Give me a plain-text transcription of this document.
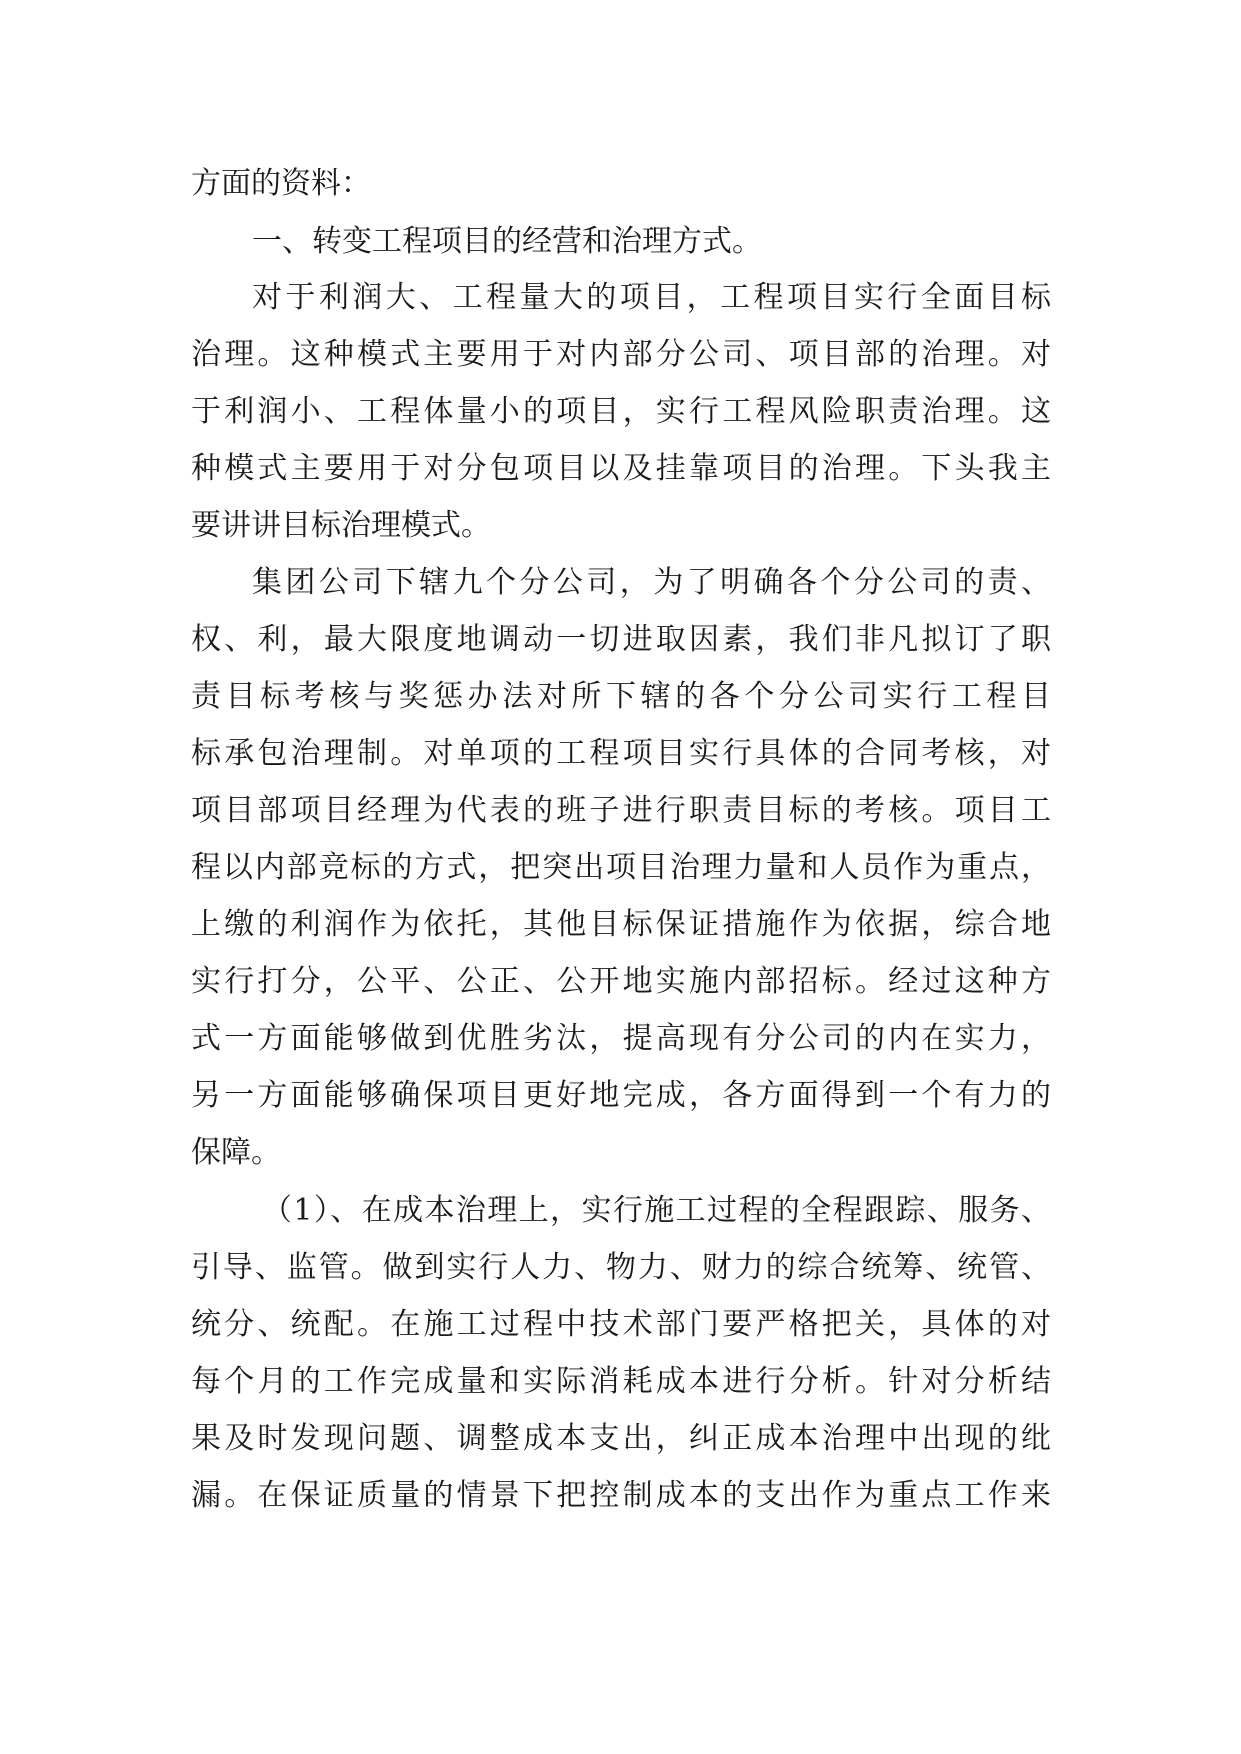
方面的资料：
一、转变工程项目的经营和治理方式。
对于利润大、工程量大的项目，工程项目实行全面目标
治理。这种模式主要用于对内部分公司、项目部的治理。对
于利润小、工程体量小的项目，实行工程风险职责治理。这
种模式主要用于对分包项目以及挂靠项目的治理。下头我主
要讲讲目标治理模式。
集团公司下辖九个分公司，为了明确各个分公司的责、
权、利，最大限度地调动一切进取因素，我们非凡拟订了职
责目标考核与奖惩办法对所下辖的各个分公司实行工程目
标承包治理制。对单项的工程项目实行具体的合同考核，对
项目部项目经理为代表的班子进行职责目标的考核。项目工
程以内部竞标的方式，把突出项目治理力量和人员作为重点，
上缴的利润作为依托，其他目标保证措施作为依据，综合地
实行打分，公平、公正、公开地实施内部招标。经过这种方
式一方面能够做到优胜劣汰，提高现有分公司的内在实力，
另一方面能够确保项目更好地完成，各方面得到一个有力的
保障。
（1）、在成本治理上，实行施工过程的全程跟踪、服务、
引导、监管。做到实行人力、物力、财力的综合统筹、统管、
统分、统配。在施工过程中技术部门要严格把关，具体的对
每个月的工作完成量和实际消耗成本进行分析。针对分析结
果及时发现问题、调整成本支出，纠正成本治理中出现的纰
漏。在保证质量的情景下把控制成本的支出作为重点工作来
